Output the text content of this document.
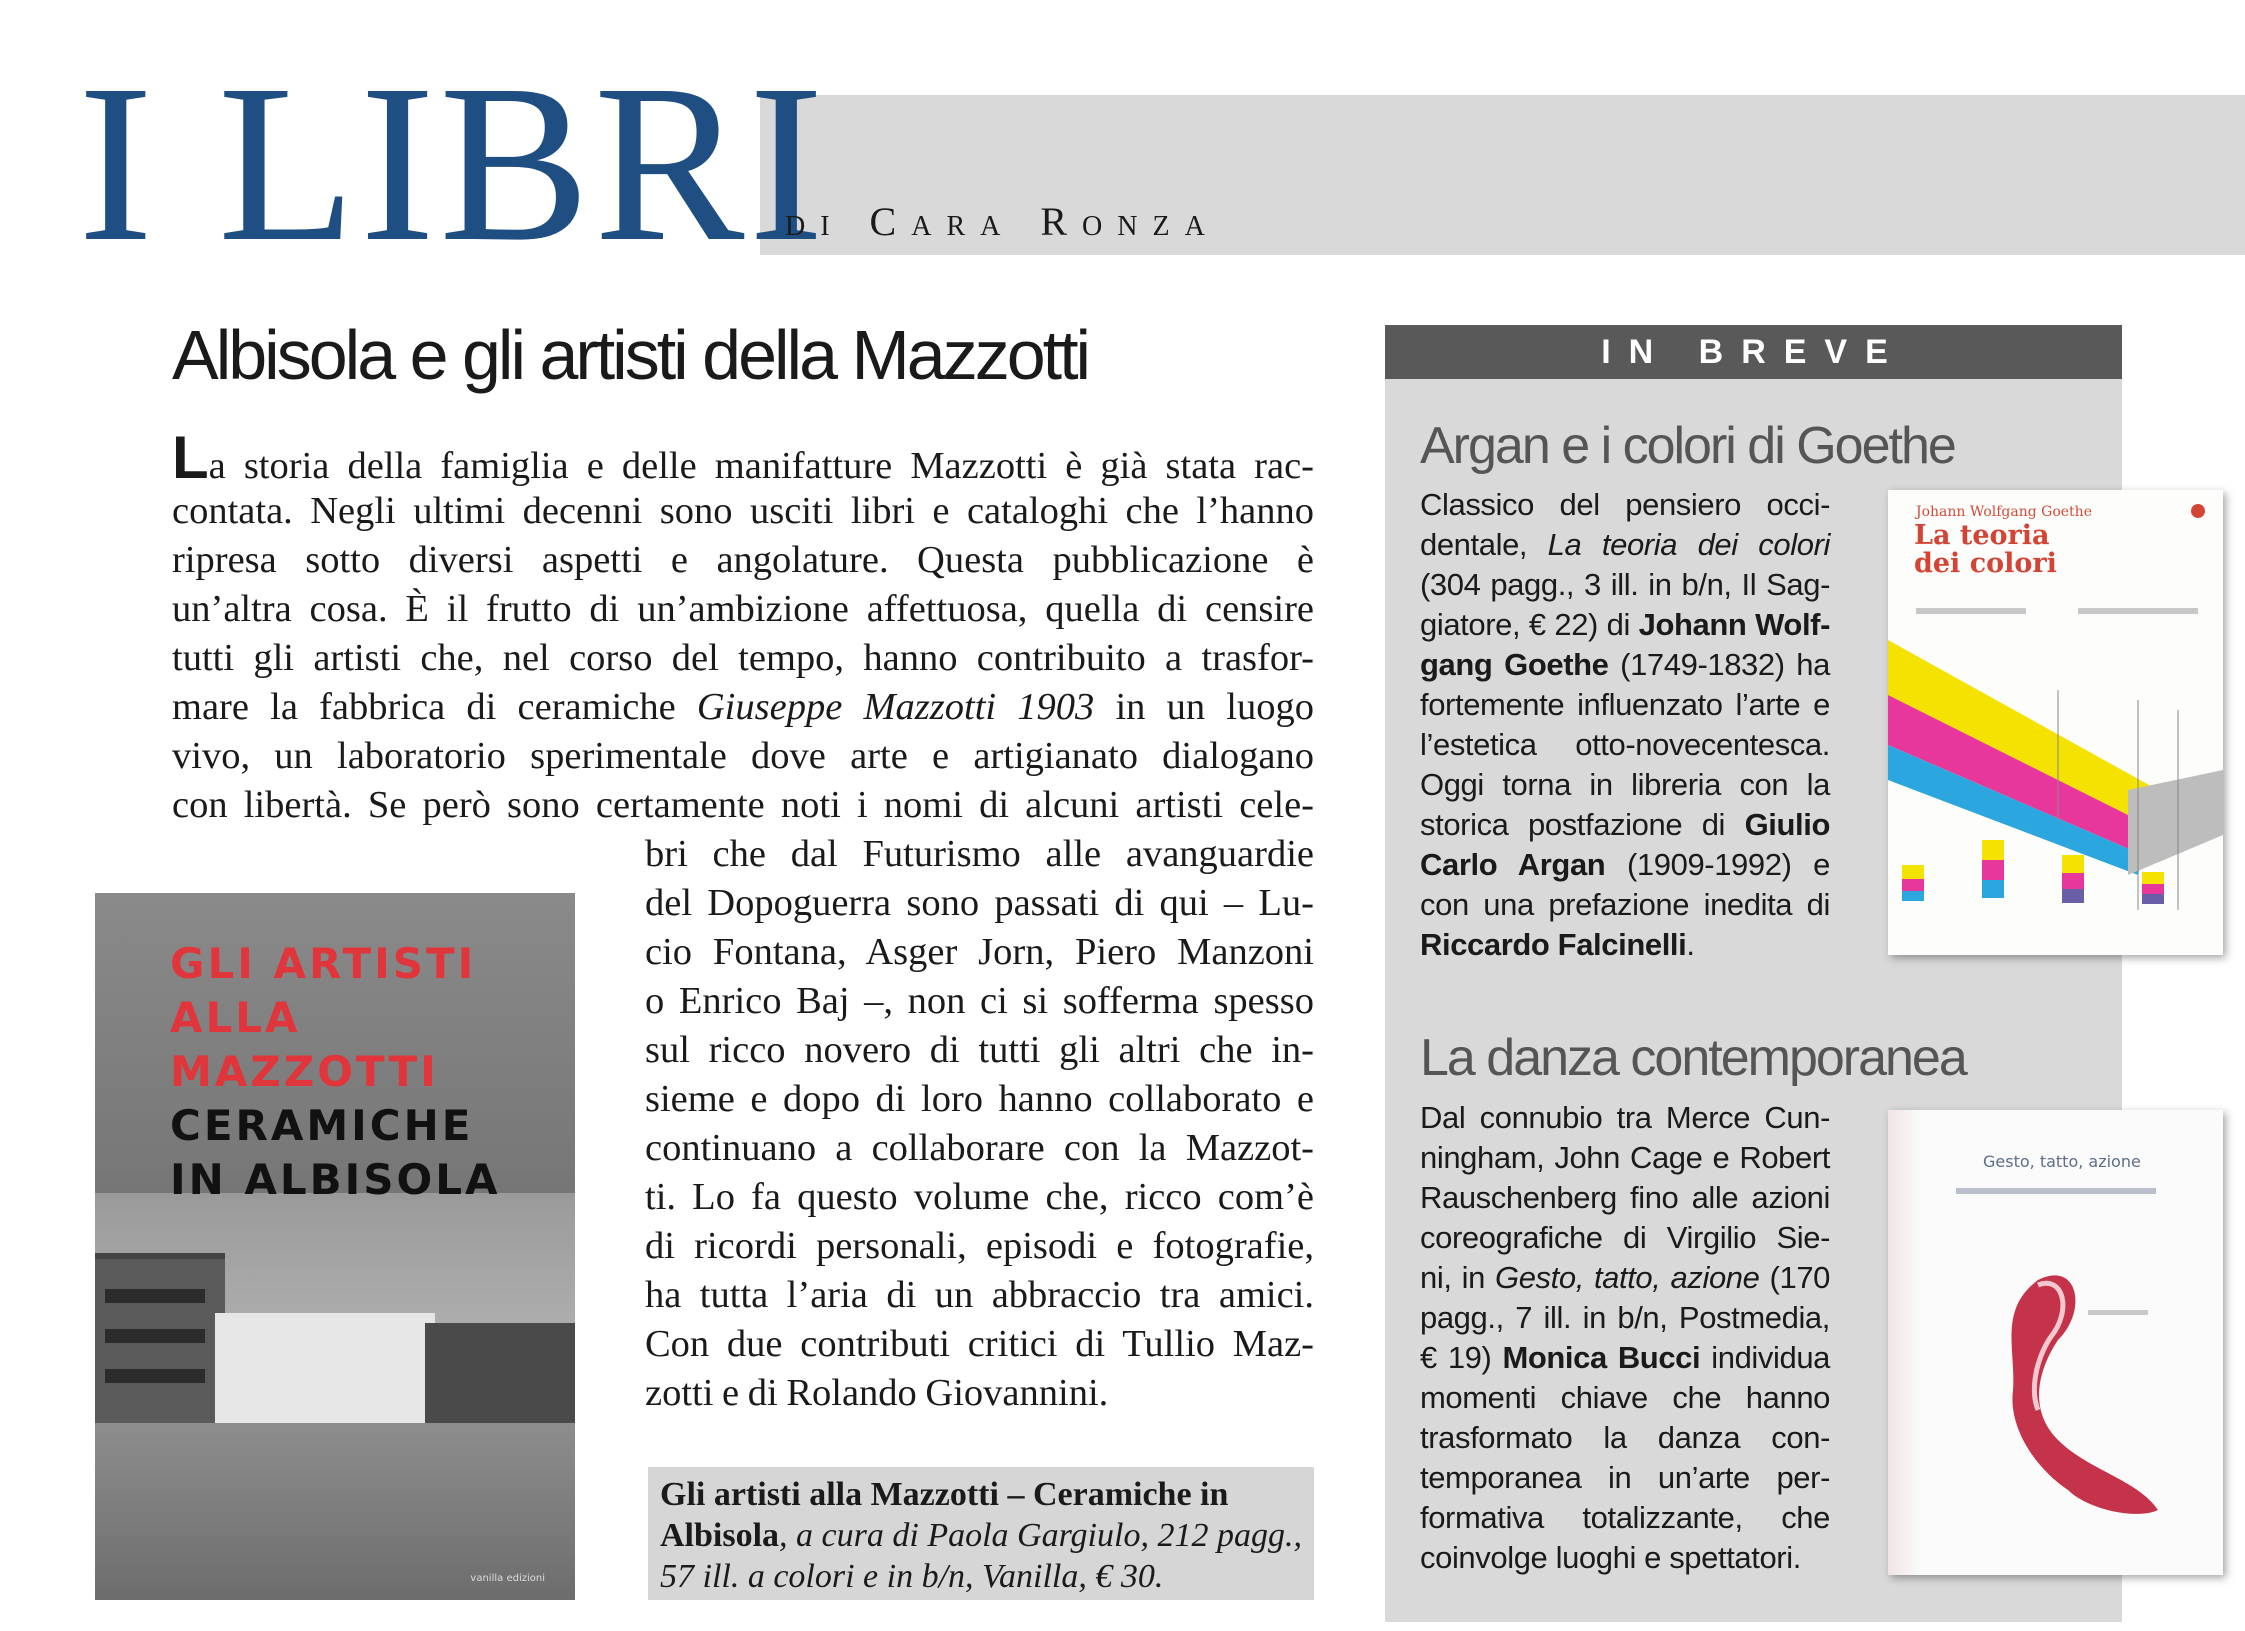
I LIBRI
di Cara Ronza
Albisola e gli artisti della Mazzotti

La storia della famiglia e delle manifatture Mazzotti è già stata rac-

contata. Negli ultimi decenni sono usciti libri e cataloghi che l’hanno

ripresa sotto diversi aspetti e angolature. Questa pubblicazione è

un’altra cosa. È il frutto di un’ambizione affettuosa, quella di censire

tutti gli artisti che, nel corso del tempo, hanno contribuito a trasfor-

mare la fabbrica di ceramiche Giuseppe Mazzotti 1903 in un luogo

vivo, un laboratorio sperimentale dove arte e artigianato dialogano

con libertà. Se però sono certamente noti i nomi di alcuni artisti cele-

bri che dal Futurismo alle avanguardie

del Dopoguerra sono passati di qui – Lu-

cio Fontana, Asger Jorn, Piero Manzoni

o Enrico Baj –, non ci si sofferma spesso

sul ricco novero di tutti gli altri che in-

sieme e dopo di loro hanno collaborato e

continuano a collaborare con la Mazzot-

ti. Lo fa questo volume che, ricco com’è

di ricordi personali, episodi e fotografie,

ha tutta l’aria di un abbraccio tra amici.

Con due contributi critici di Tullio Maz-

zotti e di Rolando Giovannini.

GLI ARTISTI
ALLA
MAZZOTTI
CERAMICHE
IN ALBISOLA

vanilla edizioni

Gli artisti alla Mazzotti – Ceramiche in

Albisola, a cura di Paola Gargiulo, 212 pagg.,

57 ill. a colori e in b/n, Vanilla, € 30.

IN BREVE
Argan e i colori di Goethe

Classico del pensiero occi-

dentale, La teoria dei colori

(304 pagg., 3 ill. in b/n, Il Sag-

giatore, € 22) di Johann Wolf-

gang Goethe (1749-1832) ha

fortemente influenzato l’arte e

l’estetica otto-novecentesca.

Oggi torna in libreria con la

storica postfazione di Giulio

Carlo Argan (1909-1992) e

con una prefazione inedita di

Riccardo Falcinelli.

Johann Wolfgang Goethe

La teoria
dei colori

La danza contemporanea

Dal connubio tra Merce Cun-

ningham, John Cage e Robert

Rauschenberg fino alle azioni

coreografiche di Virgilio Sie-

ni, in Gesto, tatto, azione (170

pagg., 7 ill. in b/n, Postmedia,

€ 19) Monica Bucci individua

momenti chiave che hanno

trasformato la danza con-

temporanea in un’arte per-

formativa totalizzante, che

coinvolge luoghi e spettatori.

Gesto, tatto, azione
